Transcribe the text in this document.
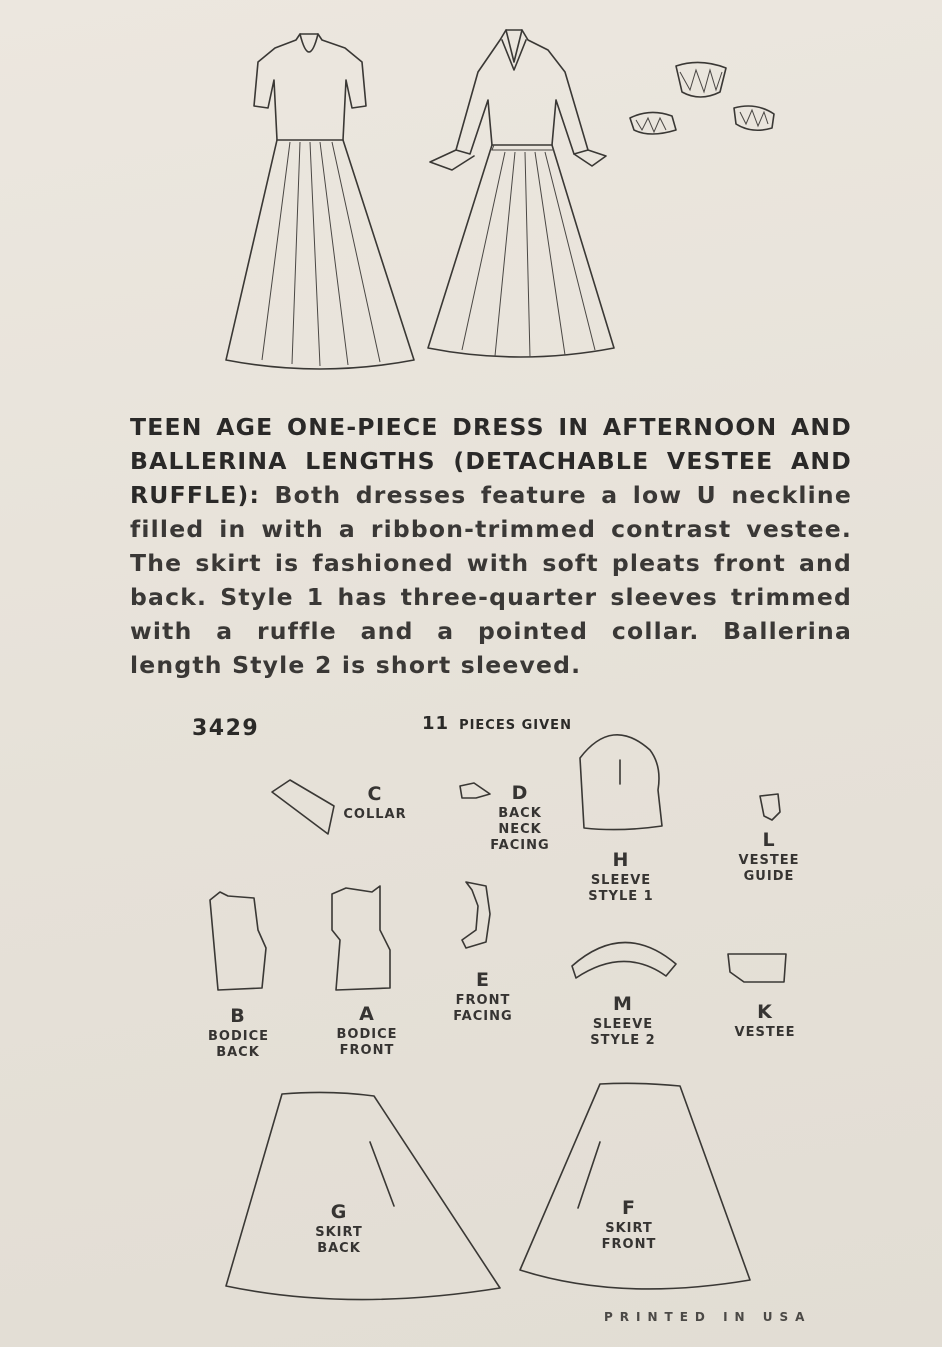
TEEN AGE ONE-PIECE DRESS IN AFTERNOON AND BALLERINA LENGTHS (DETACHABLE VESTEE AND RUFFLE): Both dresses feature a low U neckline filled in with a ribbon-trimmed contrast vestee. The skirt is fashioned with soft pleats front and back. Style 1 has three-quarter sleeves trimmed with a ruffle and a pointed collar. Ballerina length Style 2 is short sleeved.
3429	11 PIECES GIVEN
C
COLLAR
D
BACK NECK FACING
H
SLEEVE STYLE 1
L
VESTEE GUIDE
B
BODICE BACK
A
BODICE FRONT
E
FRONT FACING
M
SLEEVE STYLE 2
K
VESTEE
G
SKIRT BACK
F
SKIRT FRONT
PRINTED IN USA
